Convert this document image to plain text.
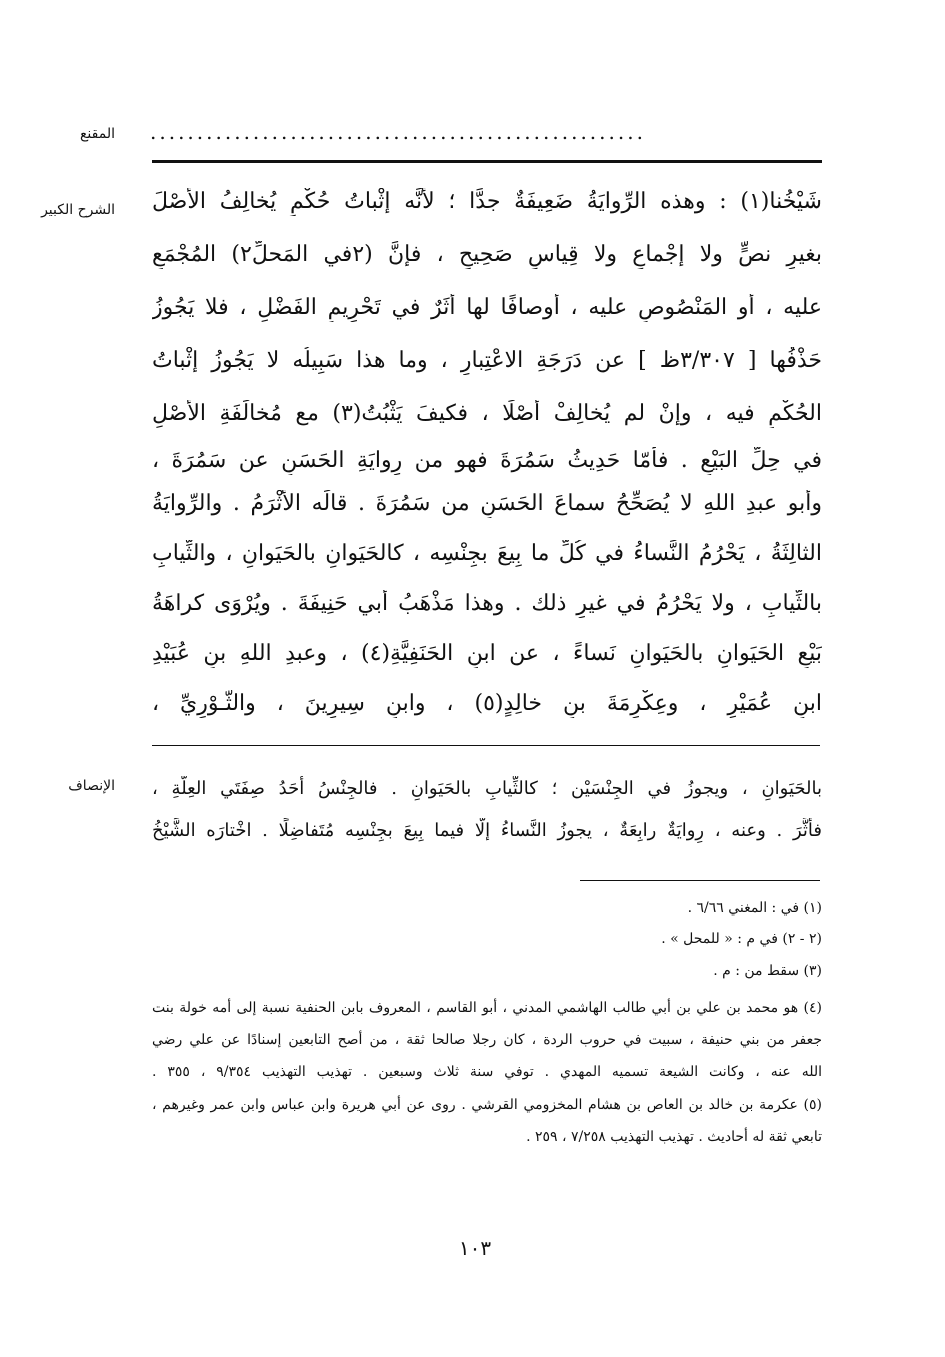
المقنع .....................................................
الشرح الكبير شَيْخُنا(١) : وهذه الرِّوايَةُ ضَعِيفَةٌ جدًّا ؛ لأنَّه إثْباتُ حُكْمٍ يُخالِفُ الأَصْلَ
بغيرِ نصٍّ ولا إجْماعٍ ولا قِياسٍ صَحِيحٍ ، فإنَّ (٢في المَحلِّ٢) المُجْمَعِ
عليه ، أو المَنْصُوصِ عليه ، أوصافًا لها أثَرٌ في تَحْرِيمِ الفَضْلِ ، فلا يَجُوزُ
حَذْفُها [ ٣/٣٠٧ظ ] عن دَرَجَةِ الاعْتِبارِ ، وما هذا سَبِيلُه لا يَجُوزُ إثْباتُ
الحُكْمِ فيه ، وإنْ لم يُخالِفْ أصْلًا ، فكيفَ يَثْبُتُ(٣) مع مُخالَفَةِ الأصْلِ
في حِلِّ البَيْعِ . فأمّا حَدِيثُ سَمُرَةَ فهو من رِوايَةِ الحَسَنِ عن سَمُرَةَ ،
وأبو عبدِ اللهِ لا يُصَحِّحُ سماعَ الحَسَنِ من سَمُرَةَ . قالَه الأثْرَمُ . والرِّوايَةُ
الثالِثَةُ ، يَحْرُمُ النَّساءُ في كُلِّ ما بِيعَ بجِنْسِه ، كالحَيَوانِ بالحَيَوانِ ، والثِّيابِ
بالثِّيابِ ، ولا يَحْرُمُ في غيرِ ذلك . وهذا مَذْهَبُ أبي حَنِيفَةَ . ويُرْوَى كراهَةُ
بَيْعِ الحَيَوانِ بالحَيَوانِ نَساءً ، عن ابنِ الحَنَفِيَّةِ(٤) ، وعبدِ اللهِ بنِ عُبَيْدِ
ابنِ عُمَيْرٍ ، وعِكْرِمَةَ بنِ خالِدٍ(٥) ، وابنِ سِيرِينَ ، والثَّـوْرِيِّ ،
الإنصاف بالحَيَوانِ ، ويجوزُ في الجِنْسَيْن ؛ كالثِّيابِ بالحَيَوانِ . فالجِنْسُ أحَدُ صِفَتَي العِلَّةِ ،
فأثَّرَ . وعنه ، رِوايَةٌ رابِعَةٌ ، يجوزُ النَّساءُ إلَّا فيما بِيعَ بجِنْسِه مُتَفاضِلًا . اخْتارَه الشَّيْخُ
(١) في : المغني ٦/٦٦ .
(٢ - ٢) في م : « للمحل » .
(٣) سقط من : م .
(٤) هو محمد بن علي بن أبي طالب الهاشمي المدني ، أبو القاسم ، المعروف بابن الحنفية نسبة إلى أمه خولة بنت
جعفر من بني حنيفة ، سبيت في حروب الردة ، كان رجلا صالحا ثقة ، من أصح التابعين إسنادًا عن علي رضي
الله عنه ، وكانت الشيعة تسميه المهدي . توفي سنة ثلاث وسبعين . تهذيب التهذيب ٩/٣٥٤ ، ٣٥٥ .
(٥) عكرمة بن خالد بن العاص بن هشام المخزومي القرشي . روى عن أبي هريرة وابن عباس وابن عمر وغيرهم ،
تابعي ثقة له أحاديث . تهذيب التهذيب ٧/٢٥٨ ، ٢٥٩ .
١٠٣
